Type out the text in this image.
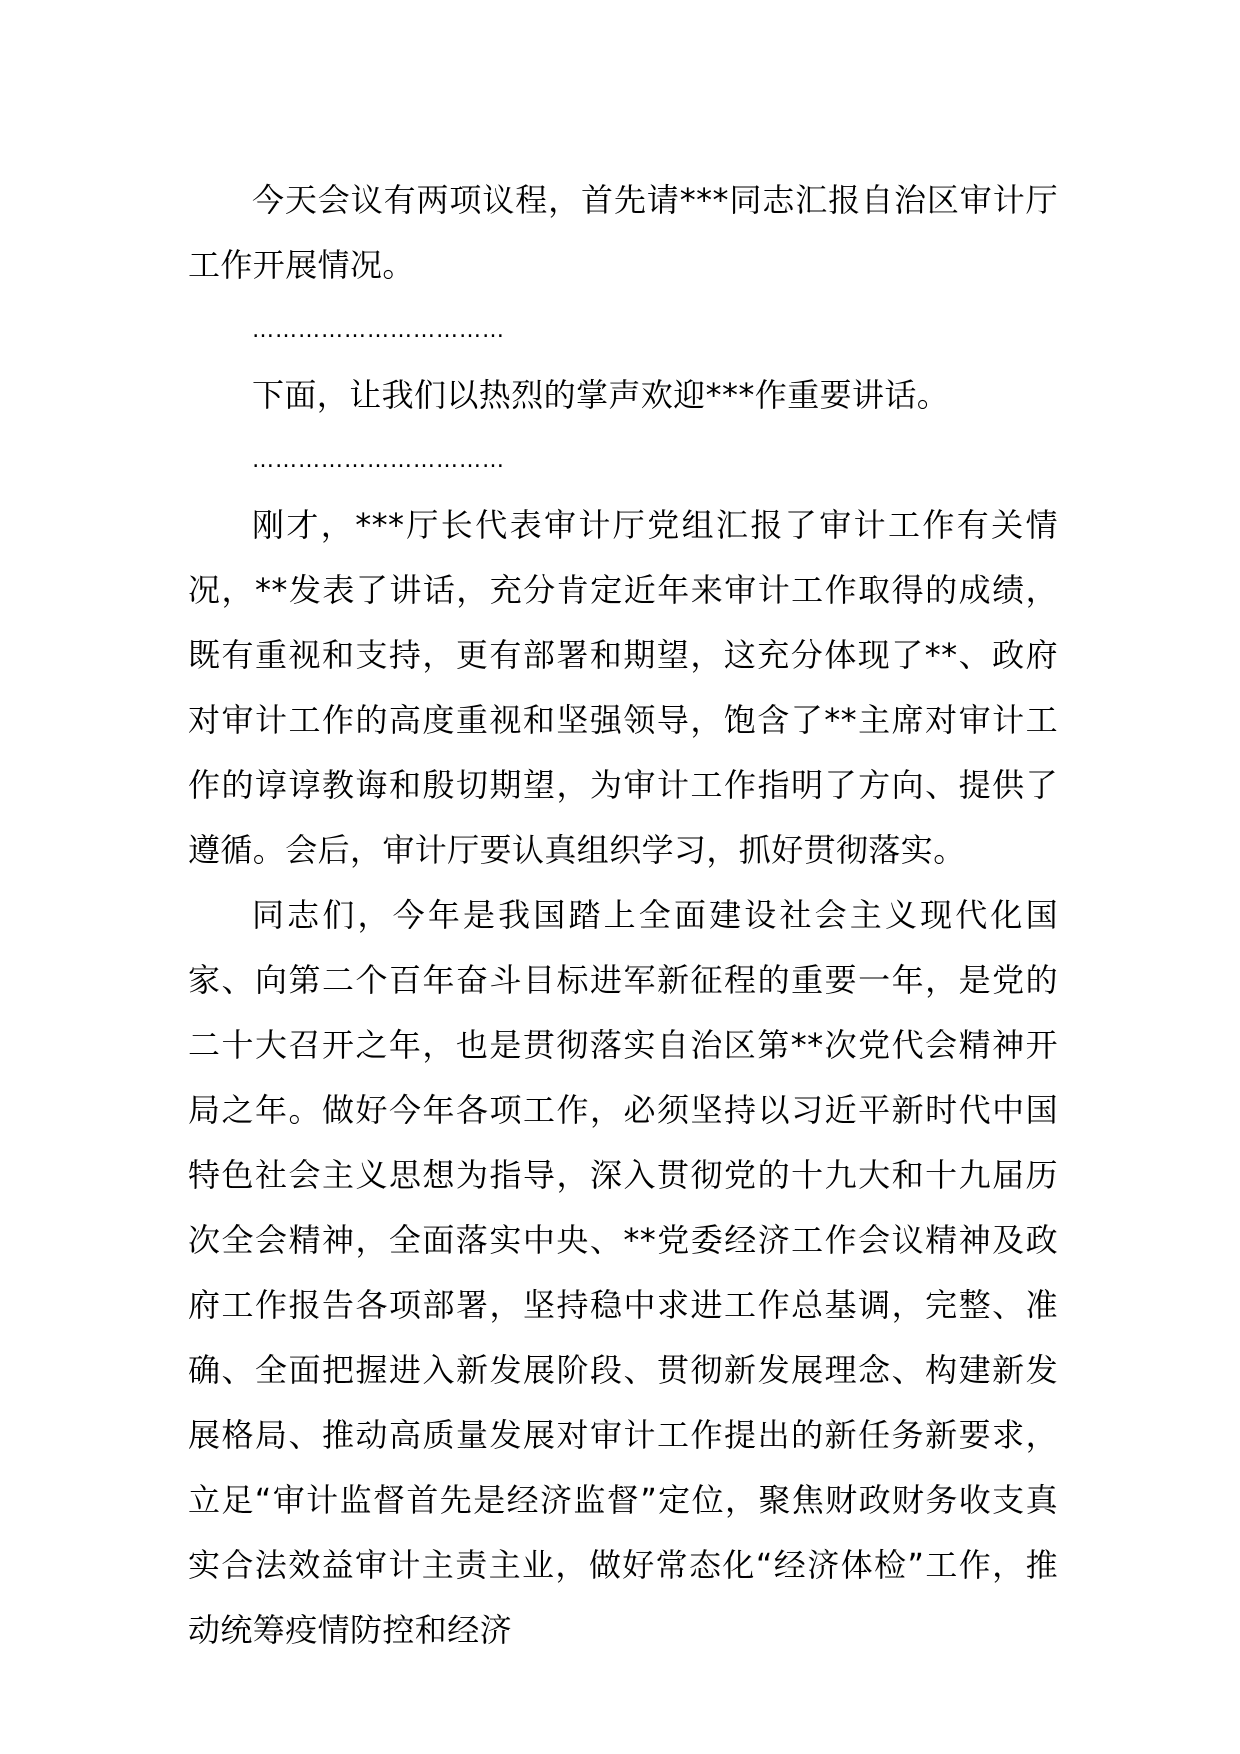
今天会议有两项议程，首先请***同志汇报自治区审计厅工作开展情况。

……………………………

下面，让我们以热烈的掌声欢迎***作重要讲话。

……………………………

刚才，***厅长代表审计厅党组汇报了审计工作有关情况，**发表了讲话，充分肯定近年来审计工作取得的成绩，既有重视和支持，更有部署和期望，这充分体现了**、政府对审计工作的高度重视和坚强领导，饱含了**主席对审计工作的谆谆教诲和殷切期望，为审计工作指明了方向、提供了遵循。会后，审计厅要认真组织学习，抓好贯彻落实。

同志们，今年是我国踏上全面建设社会主义现代化国家、向第二个百年奋斗目标进军新征程的重要一年，是党的二十大召开之年，也是贯彻落实自治区第**次党代会精神开局之年。做好今年各项工作，必须坚持以习近平新时代中国特色社会主义思想为指导，深入贯彻党的十九大和十九届历次全会精神，全面落实中央、**党委经济工作会议精神及政府工作报告各项部署，坚持稳中求进工作总基调，完整、准确、全面把握进入新发展阶段、贯彻新发展理念、构建新发展格局、推动高质量发展对审计工作提出的新任务新要求，立足“审计监督首先是经济监督”定位，聚焦财政财务收支真实合法效益审计主责主业，做好常态化“经济体检”工作，推动统筹疫情防控和经济
